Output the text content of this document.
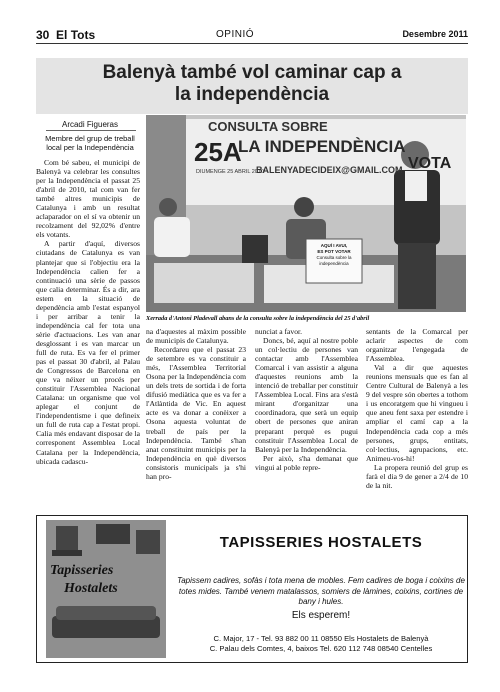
30 El Tots	OPINIÓ	Desembre 2011
Balenyà també vol caminar cap a la independència
Arcadi Figueras
Membre del grup de treball local per la Independència

Com bé sabeu, el municipi de Balenyà va celebrar les consultes per la Independència el passat 25 d'abril de 2010, tal com van fer també altres municipis de Catalunya i amb un resultat aclaparador on el sí va obtenir un recolzament del 92,02% d'entre els votants.

A partir d'aquí, diversos ciutadans de Catalunya es van plantejar que si l'objectiu era la Independència calien fer a continuació una sèrie de passos que calia determinar. És a dir, ara estem en la situació de dependència amb l'estat espanyol i per arribar a tenir la independència cal fer tota una sèrie d'actuacions. Les van anar desglossant i es van marcar un full de ruta. Es va fer el primer pas el passat 30 d'abril, al Palau de Congressos de Barcelona en que va néixer un procés per constituir l'Assemblea Nacional Catalana: un organisme que vol aplegar el conjunt de l'independentisme i que defineix un full de ruta cap a l'estat propi. Calia més endavant disposar de la corresponent Assemblea Local Catalana per la Independència, ubicada cadascu-

CONSULTA SOBRE
LA INDEPENDÈNCIA
25A
DIUMENGE 25 ABRIL 2010
BALENYADECIDEIX@GMAIL.COM VOTA
AQUÍ I AVUI,
ES POT VOTAR
Consulta sobre la independència
Xerrada d'Antoni Pladevall abans de la consulta sobre la independència del 25 d'abril

na d'aquestes al màxim possible de municipis de Catalunya.

Recordareu que el passat 23 de setembre es va constituir a més, l'Assemblea Territorial Osona per la Independència com un dels trets de sortida i de forta difusió mediàtica que es va fer a l'Atlàntida de Vic. En aquest acte es va donar a conèixer a Osona aquesta voluntat de treball de país per la Independència. També s'han anat constituint municipis per la Independència en què diversos consistoris municipals ja s'hi han pro-

nunciat a favor.

Doncs, bé, aquí al nostre poble un col·lectiu de persones van contactar amb l'Assemblea Comarcal i van assistir a alguna d'aquestes reunions amb la intenció de treballar per constituir l'Assemblea Local. Fins ara s'està mirant d'organitzar una coordinadora, que serà un equip obert de persones que aniran preparant perquè es pugui constituir l'Assemblea Local de Balenyà per la Independència.

Per això, s'ha demanat que vingui al poble repre-

sentants de la Comarcal per aclarir aspectes de com organitzar l'engegada de l'Assemblea.

Val a dir que aquestes reunions mensuals que es fan al Centre Cultural de Balenyà a les 9 del vespre són obertes a tothom i us encoratgem que hi vingueu i que aneu fent saxa per estendre i ampliar el camí cap a la Independència cada cop a més persones, grups, entitats, col·lectius, agrupacions, etc. Animeu-vos-hi!

La propera reunió del grup es farà el dia 9 de gener a 2/4 de 10 de la nit.

Tapisseries
Hostalets
TAPISSERIES HOSTALETS
Tapissem cadires, sofàs i tota mena de mobles. Fem cadires de boga i coixins de totes mides. També venem matalassos, somiers de làmines, coixins, cortines de bany i hules.
Els esperem!
C. Major, 17 - Tel. 93 882 00 11 08550 Els Hostalets de Balenyà
C. Palau dels Comtes, 4, baixos Tel. 620 112 748 08540 Centelles
